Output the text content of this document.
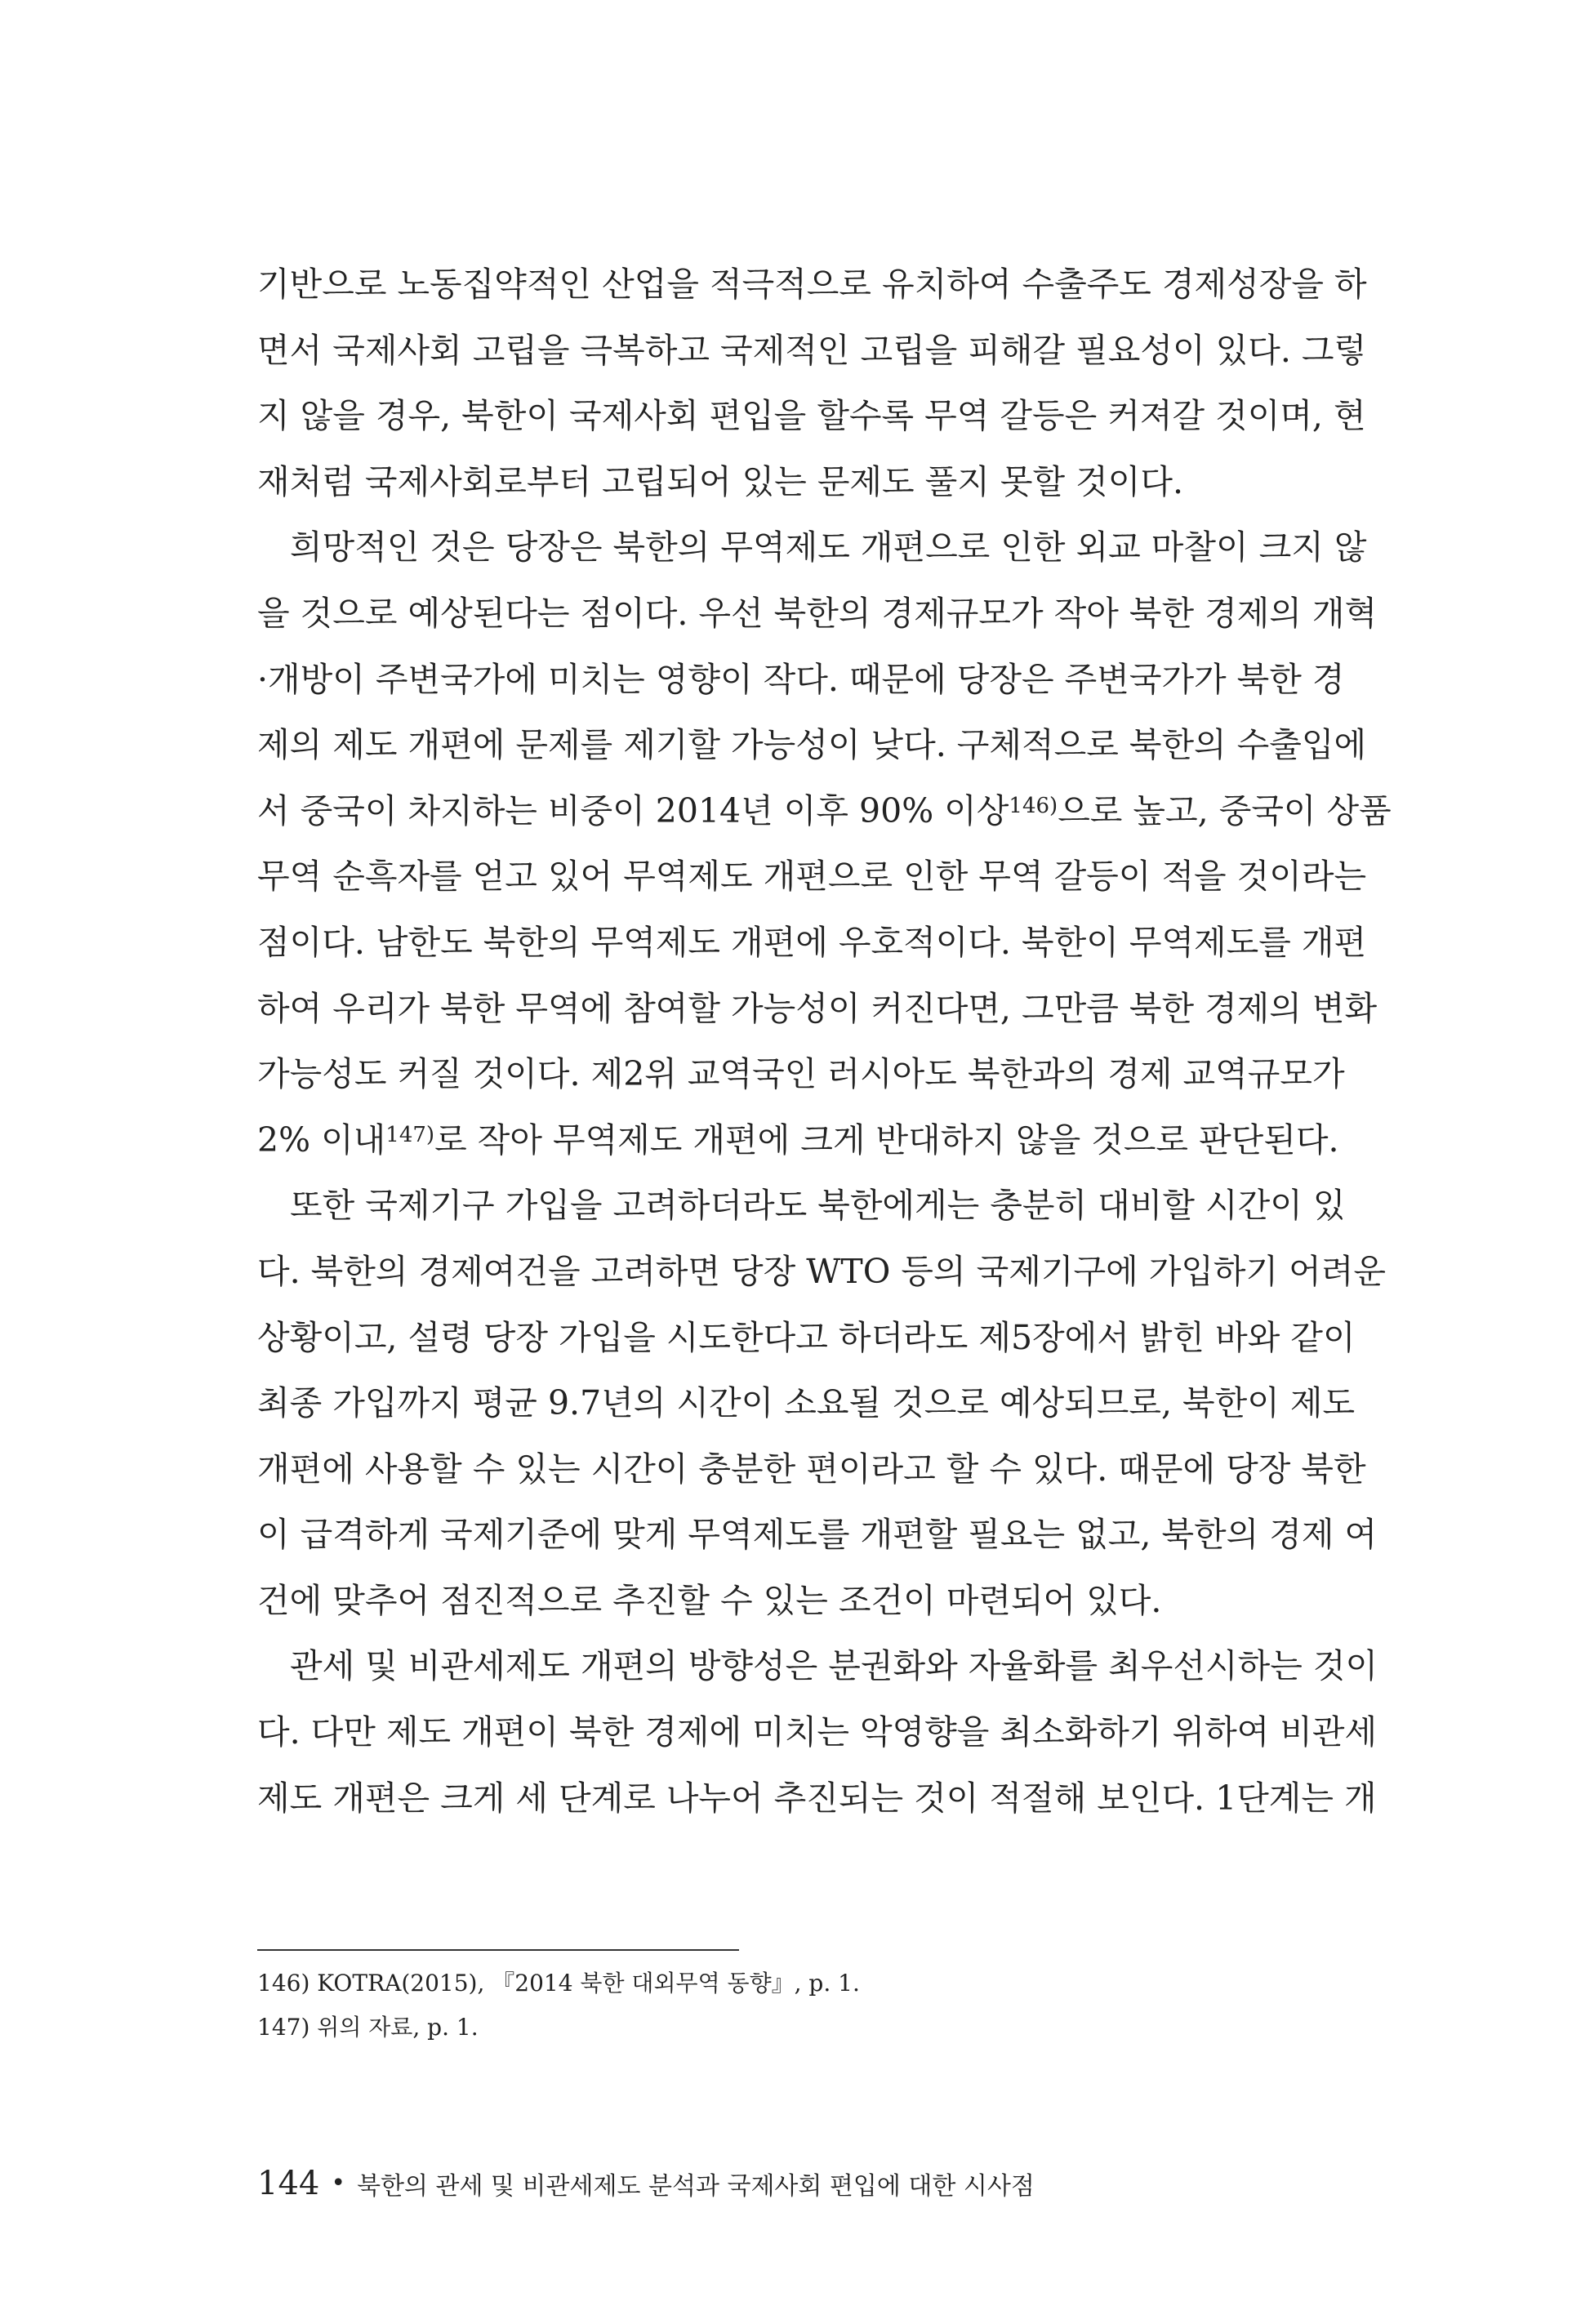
기반으로 노동집약적인 산업을 적극적으로 유치하여 수출주도 경제성장을 하
면서 국제사회 고립을 극복하고 국제적인 고립을 피해갈 필요성이 있다. 그렇
지 않을 경우, 북한이 국제사회 편입을 할수록 무역 갈등은 커져갈 것이며, 현
재처럼 국제사회로부터 고립되어 있는 문제도 풀지 못할 것이다.
희망적인 것은 당장은 북한의 무역제도 개편으로 인한 외교 마찰이 크지 않
을 것으로 예상된다는 점이다. 우선 북한의 경제규모가 작아 북한 경제의 개혁
·개방이 주변국가에 미치는 영향이 작다. 때문에 당장은 주변국가가 북한 경
제의 제도 개편에 문제를 제기할 가능성이 낮다. 구체적으로 북한의 수출입에
서 중국이 차지하는 비중이 2014년 이후 90% 이상$^{146)}$으로 높고, 중국이 상품
무역 순흑자를 얻고 있어 무역제도 개편으로 인한 무역 갈등이 적을 것이라는
점이다. 남한도 북한의 무역제도 개편에 우호적이다. 북한이 무역제도를 개편
하여 우리가 북한 무역에 참여할 가능성이 커진다면, 그만큼 북한 경제의 변화
가능성도 커질 것이다. 제2위 교역국인 러시아도 북한과의 경제 교역규모가
2% 이내$^{147)}$로 작아 무역제도 개편에 크게 반대하지 않을 것으로 판단된다.
또한 국제기구 가입을 고려하더라도 북한에게는 충분히 대비할 시간이 있
다. 북한의 경제여건을 고려하면 당장 WTO 등의 국제기구에 가입하기 어려운
상황이고, 설령 당장 가입을 시도한다고 하더라도 제5장에서 밝힌 바와 같이
최종 가입까지 평균 9.7년의 시간이 소요될 것으로 예상되므로, 북한이 제도
개편에 사용할 수 있는 시간이 충분한 편이라고 할 수 있다. 때문에 당장 북한
이 급격하게 국제기준에 맞게 무역제도를 개편할 필요는 없고, 북한의 경제 여
건에 맞추어 점진적으로 추진할 수 있는 조건이 마련되어 있다.
관세 및 비관세제도 개편의 방향성은 분권화와 자율화를 최우선시하는 것이
다. 다만 제도 개편이 북한 경제에 미치는 악영향을 최소화하기 위하여 비관세
제도 개편은 크게 세 단계로 나누어 추진되는 것이 적절해 보인다. 1단계는 개
146) KOTRA(2015), 『2014 북한 대외무역 동향』, p. 1.
147) 위의 자료, p. 1.
144 • 북한의 관세 및 비관세제도 분석과 국제사회 편입에 대한 시사점
